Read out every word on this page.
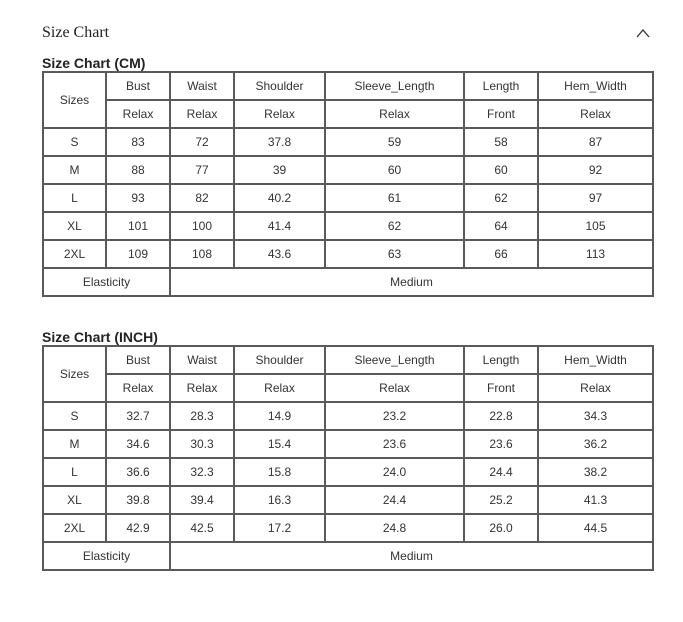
Size Chart
Size Chart (CM)
Sizes	Bust	Waist	Shoulder	Sleeve_Length	Length	Hem_Width
	Relax	Relax	Relax	Relax	Front	Relax
S	83	72	37.8	59	58	87
M	88	77	39	60	60	92
L	93	82	40.2	61	62	97
XL	101	100	41.4	62	64	105
2XL	109	108	43.6	63	66	113
Elasticity		Medium				
Size Chart (INCH)
Sizes	Bust	Waist	Shoulder	Sleeve_Length	Length	Hem_Width
	Relax	Relax	Relax	Relax	Front	Relax
S	32.7	28.3	14.9	23.2	22.8	34.3
M	34.6	30.3	15.4	23.6	23.6	36.2
L	36.6	32.3	15.8	24.0	24.4	38.2
XL	39.8	39.4	16.3	24.4	25.2	41.3
2XL	42.9	42.5	17.2	24.8	26.0	44.5
Elasticity		Medium				
